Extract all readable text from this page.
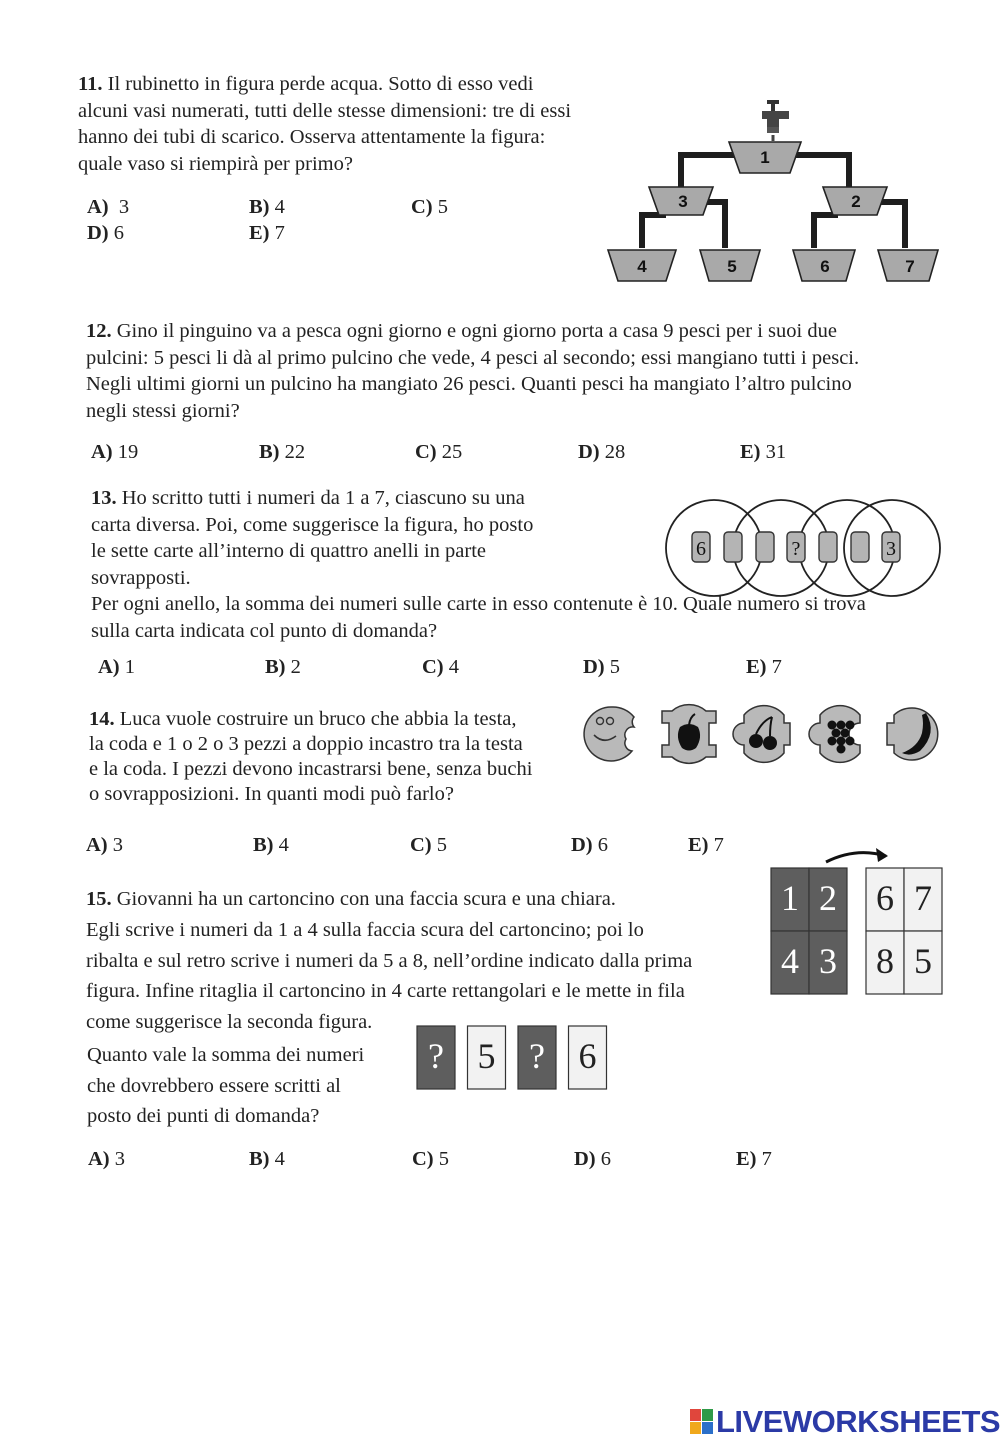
11. Il rubinetto in figura perde acqua. Sotto di esso vedi
alcuni vasi numerati, tutti delle stesse dimensioni: tre di essi
hanno dei tubi di scarico. Osserva attentamente la figura:
quale vaso si riempirà per primo?
A) 3	B) 4	C) 5
D) 6	E) 7
1
3	2
4	5	6	7
12. Gino il pinguino va a pesca ogni giorno e ogni giorno porta a casa 9 pesci per i suoi due
pulcini: 5 pesci li dà al primo pulcino che vede, 4 pesci al secondo; essi mangiano tutti i pesci.
Negli ultimi giorni un pulcino ha mangiato 26 pesci. Quanti pesci ha mangiato l’altro pulcino
negli stessi giorni?
A) 19	B) 22	C) 25	D) 28	E) 31
13. Ho scritto tutti i numeri da 1 a 7, ciascuno su una
carta diversa. Poi, come suggerisce la figura, ho posto
le sette carte all’interno di quattro anelli in parte
sovrapposti.
Per ogni anello, la somma dei numeri sulle carte in esso contenute è 10. Quale numero si trova
sulla carta indicata col punto di domanda?
6	?	3
A) 1	B) 2	C) 4	D) 5	E) 7
14. Luca vuole costruire un bruco che abbia la testa,
la coda e 1 o 2 o 3 pezzi a doppio incastro tra la testa
e la coda. I pezzi devono incastrarsi bene, senza buchi
o sovrapposizioni. In quanti modi può farlo?
A) 3	B) 4	C) 5	D) 6	E) 7
15. Giovanni ha un cartoncino con una faccia scura e una chiara.
Egli scrive i numeri da 1 a 4 sulla faccia scura del cartoncino; poi lo
ribalta e sul retro scrive i numeri da 5 a 8, nell’ordine indicato dalla prima
figura. Infine ritaglia il cartoncino in 4 carte rettangolari e le mette in fila
come suggerisce la seconda figura.
Quanto vale la somma dei numeri
che dovrebbero essere scritti al
posto dei punti di domanda?
1 2
4 3
6 7
8 5
? 5 ? 6
A) 3	B) 4	C) 5	D) 6	E) 7
LIVEWORKSHEETS
